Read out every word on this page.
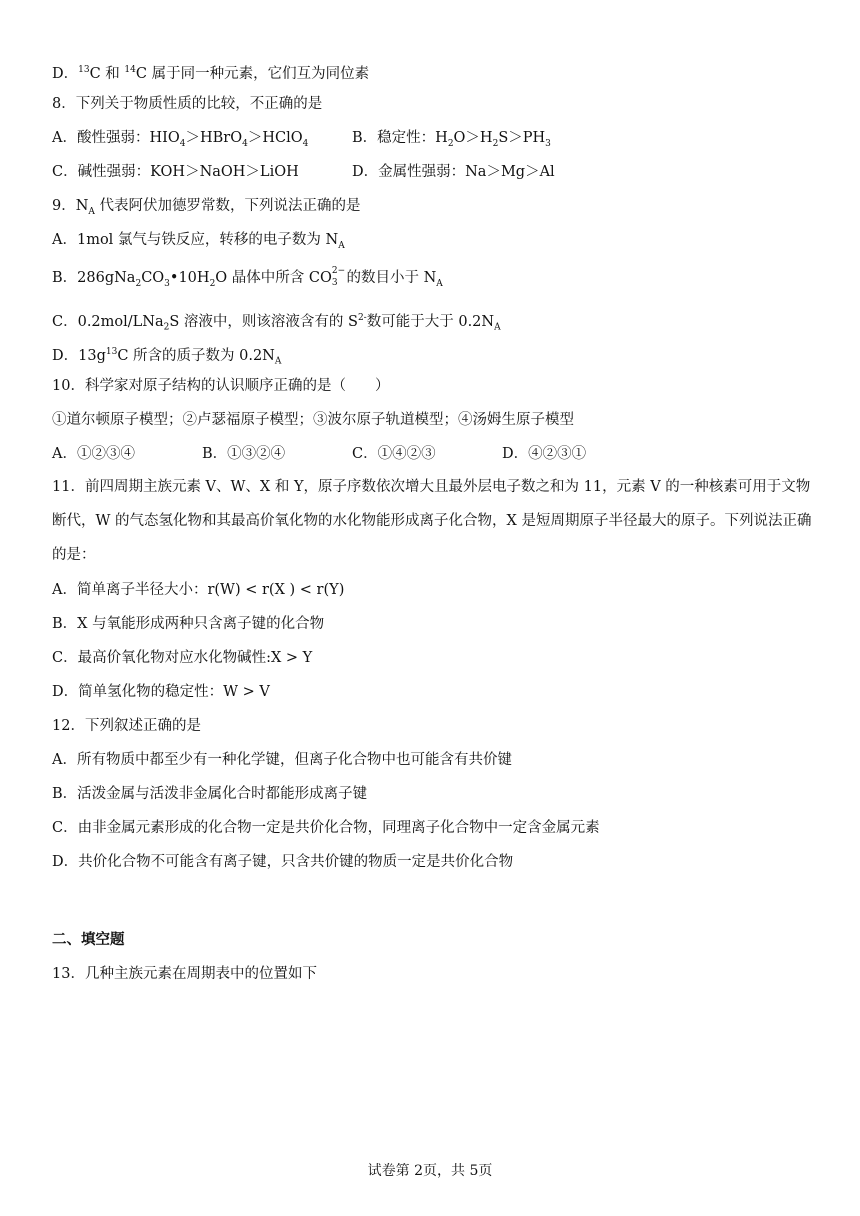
D．$^{13}$C 和 $^{14}$C 属于同一种元素，它们互为同位素
8．下列关于物质性质的比较，不正确的是
A．酸性强弱：$HIO_4>HBrO_4>HClO_4$	B．稳定性：$H_2O>H_2S>PH_3$
C．碱性强弱：KOH＞NaOH＞LiOH	D．金属性强弱：Na＞Mg＞Al
9．$N_A$ 代表阿伏加德罗常数，下列说法正确的是
A．1mol 氯气与铁反应，转移的电子数为 $N_A$
B．$286gNa_2CO_3•10H_2O$ 晶体中所含 CO 2−
3 的数目小于 $N_A$
C．0.2mol/LNa$_2$S 溶液中，则该溶液含有的 $S^{2-}$数可能于大于 $0.2N_A$
D．$13g^{13}C$ 所含的质子数为 $0.2N_A$
10．科学家对原子结构的认识顺序正确的是（　　）
①道尔顿原子模型；②卢瑟福原子模型；③波尔原子轨道模型；④汤姆生原子模型
A．①②③④	B．①③②④	C．①④②③	D．④②③①
11．前四周期主族元素 V、W、X 和 Y，原子序数依次增大且最外层电子数之和为 11，元素 V 的一种核素可用于文物断代，W 的气态氢化物和其最高价氧化物的水化物能形成离子化合物，X 是短周期原子半径最大的原子。下列说法正确的是：
A．简单离子半径大小：r(W) < r(X ) < r(Y)
B．X 与氧能形成两种只含离子键的化合物
C．最高价氧化物对应水化物碱性:X > Y
D．简单氢化物的稳定性：W > V
12．下列叙述正确的是
A．所有物质中都至少有一种化学键，但离子化合物中也可能含有共价键
B．活泼金属与活泼非金属化合时都能形成离子键
C．由非金属元素形成的化合物一定是共价化合物，同理离子化合物中一定含金属元素
D．共价化合物不可能含有离子键，只含共价键的物质一定是共价化合物
二、填空题
13．几种主族元素在周期表中的位置如下
试卷第 2页，共 5页
